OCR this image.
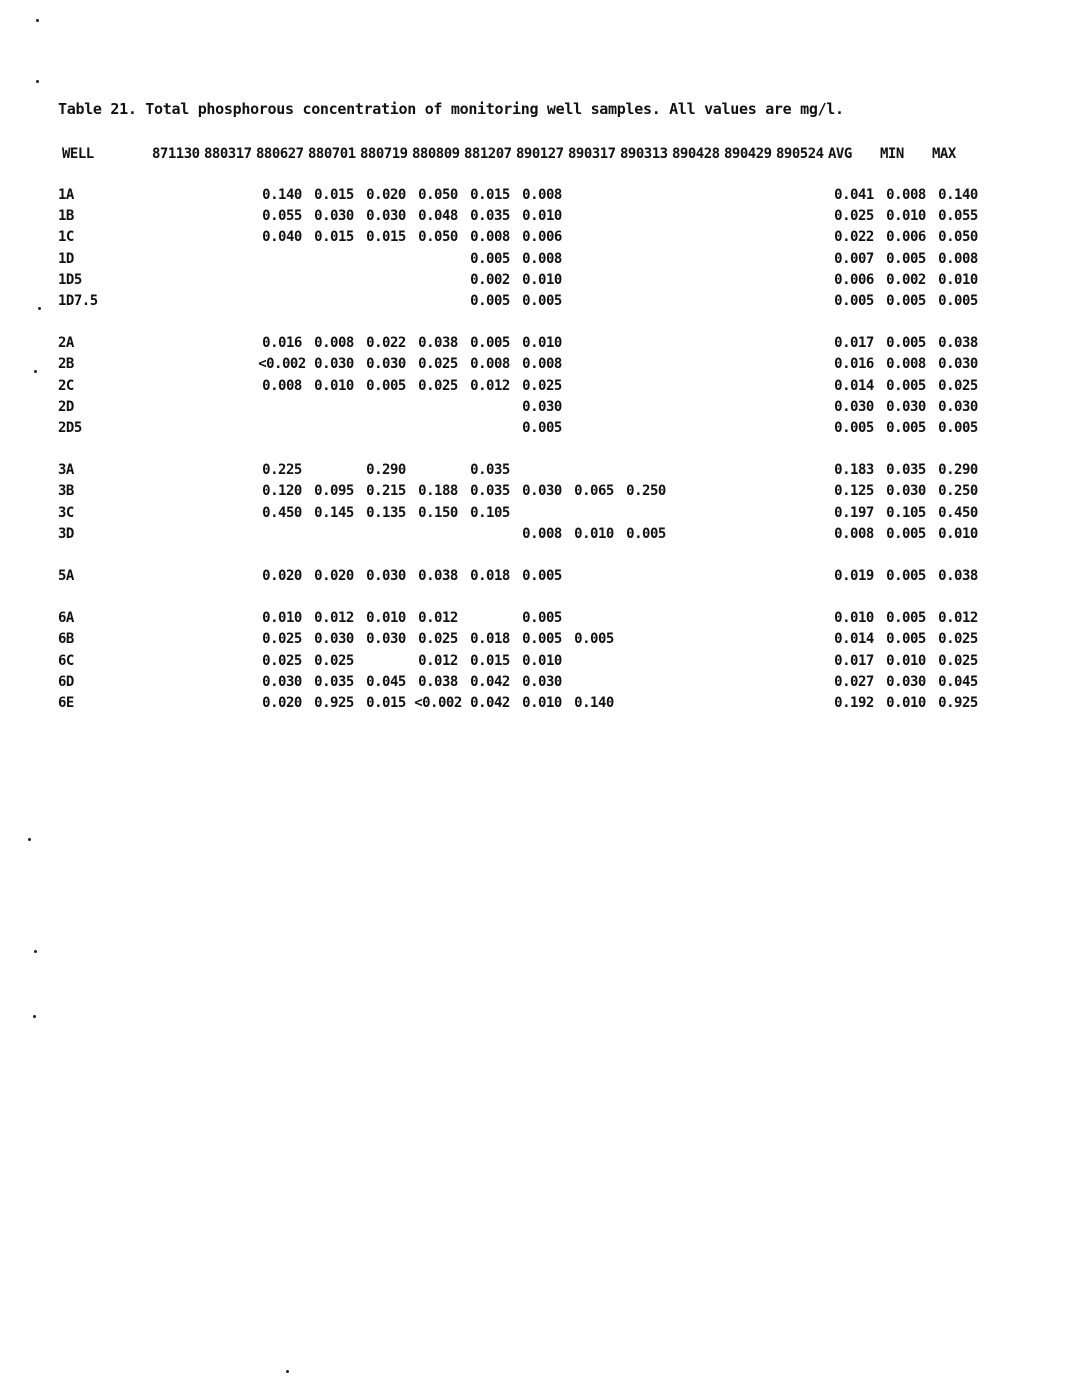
Table 21. Total phosphorous concentration of monitoring well samples. All values are mg/l.
WELL	871130	880317	880627	880701	880719	880809	881207	890127	890317	890313	890428	890429	890524	AVG	MIN	MAX

1A			0.140	0.015	0.020	0.050	0.015	0.008						0.041	0.008	0.140
1B			0.055	0.030	0.030	0.048	0.035	0.010						0.025	0.010	0.055
1C			0.040	0.015	0.015	0.050	0.008	0.006						0.022	0.006	0.050
1D							0.005	0.008						0.007	0.005	0.008
1D5							0.002	0.010						0.006	0.002	0.010
1D7.5							0.005	0.005						0.005	0.005	0.005

2A			0.016	0.008	0.022	0.038	0.005	0.010						0.017	0.005	0.038
2B			<0.002	0.030	0.030	0.025	0.008	0.008						0.016	0.008	0.030
2C			0.008	0.010	0.005	0.025	0.012	0.025						0.014	0.005	0.025
2D								0.030						0.030	0.030	0.030
2D5								0.005						0.005	0.005	0.005

3A			0.225		0.290		0.035							0.183	0.035	0.290
3B			0.120	0.095	0.215	0.188	0.035	0.030	0.065	0.250				0.125	0.030	0.250
3C			0.450	0.145	0.135	0.150	0.105							0.197	0.105	0.450
3D								0.008	0.010	0.005				0.008	0.005	0.010

5A			0.020	0.020	0.030	0.038	0.018	0.005						0.019	0.005	0.038

6A			0.010	0.012	0.010	0.012		0.005						0.010	0.005	0.012
6B			0.025	0.030	0.030	0.025	0.018	0.005	0.005					0.014	0.005	0.025
6C			0.025	0.025		0.012	0.015	0.010						0.017	0.010	0.025
6D			0.030	0.035	0.045	0.038	0.042	0.030						0.027	0.030	0.045
6E			0.020	0.925	0.015	<0.002	0.042	0.010	0.140					0.192	0.010	0.925
